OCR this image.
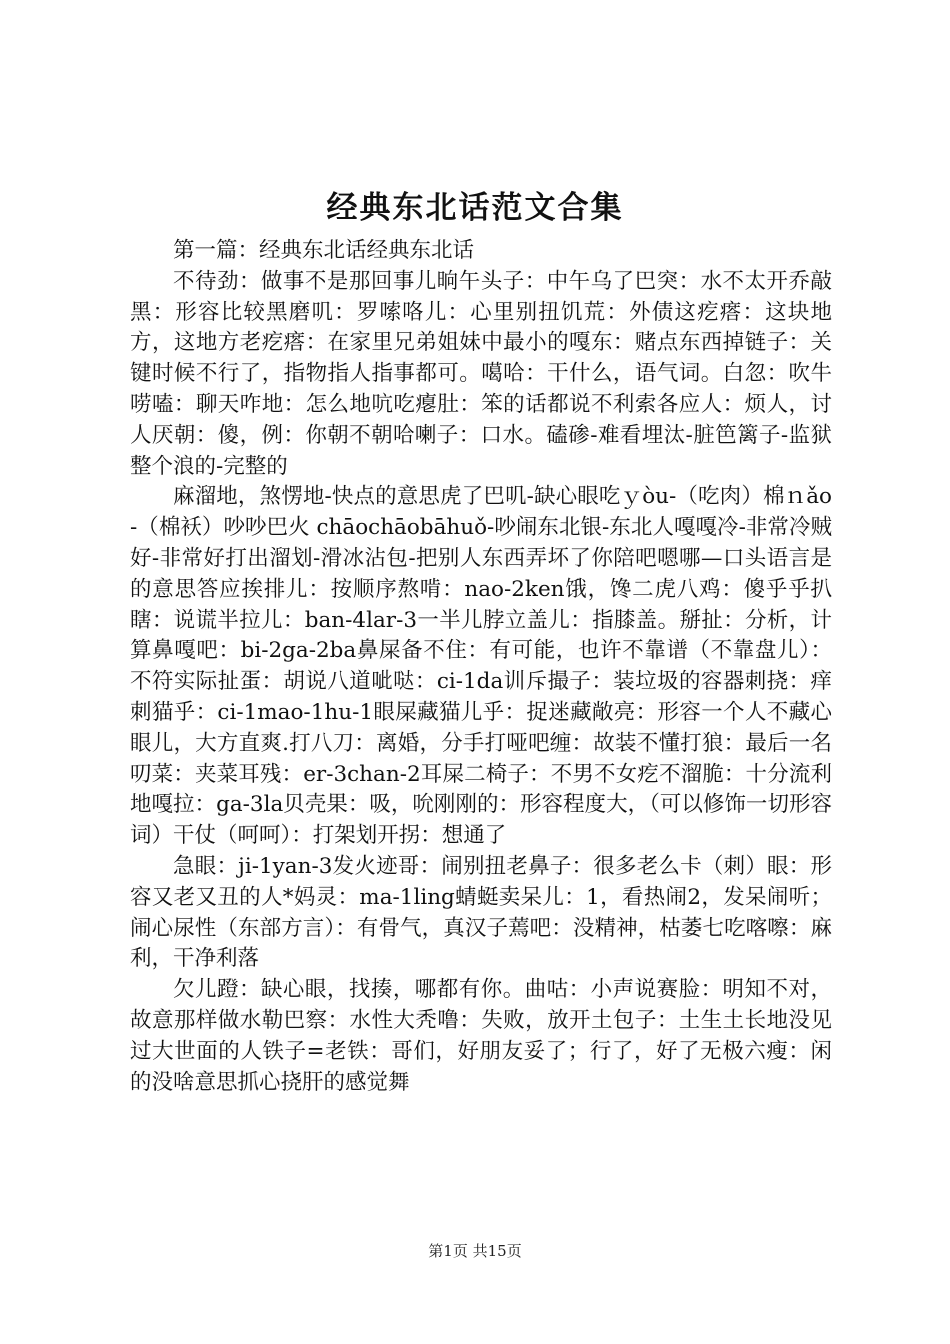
经典东北话范文合集

第一篇：经典东北话经典东北话

不待劲：做事不是那回事儿晌午头子：中午乌了巴突：水不太开乔敲黑：形容比较黑磨叽：罗嗦咯儿：心里别扭饥荒：外债这疙瘩：这块地方，这地方老疙瘩：在家里兄弟姐妹中最小的嘎东：赌点东西掉链子：关键时候不行了，指物指人指事都可。噶哈：干什么，语气词。白忽：吹牛唠嗑：聊天咋地：怎么地吭吃瘪肚：笨的话都说不利索各应人：烦人，讨人厌朝：傻，例：你朝不朝哈喇子：口水。磕碜-难看埋汰-脏笆篱子-监狱整个浪的-完整的

麻溜地，煞愣地-快点的意思虎了巴叽-缺心眼吃ｙòu-（吃肉）棉ｎǎo-（棉袄）吵吵巴火 chāochāobāhuǒ-吵闹东北银-东北人嘎嘎冷-非常冷贼好-非常好打出溜划-滑冰沾包-把别人东西弄坏了你陪吧嗯哪—口头语言是的意思答应挨排儿：按顺序熬啃：nao-2ken饿，馋二虎八鸡：傻乎乎扒瞎：说谎半拉儿：ban-4lar-3一半儿脖立盖儿：指膝盖。掰扯：分析，计算鼻嘎吧：bi-2ga-2ba鼻屎备不住：有可能，也许不靠谱（不靠盘儿）：不符实际扯蛋：胡说八道呲哒：ci-1da训斥撮子：装垃圾的容器刺挠：痒刺猫乎：ci-1mao-1hu-1眼屎藏猫儿乎：捉迷藏敞亮：形容一个人不藏心眼儿，大方直爽.打八刀：离婚，分手打哑吧缠：故装不懂打狼：最后一名叨菜：夹菜耳残：er-3chan-2耳屎二椅子：不男不女疙不溜脆：十分流利地嘎拉：ga-3la贝壳果：吸，吮刚刚的：形容程度大，（可以修饰一切形容词）干仗（呵呵）：打架划开拐：想通了

急眼：ji-1yan-3发火迹哥：闹别扭老鼻子：很多老么卡（刺）眼：形容又老又丑的人*妈灵：ma-1ling蜻蜓卖呆儿：1，看热闹2，发呆闹听；闹心尿性（东部方言）：有骨气，真汉子蔫吧：没精神，枯萎七吃喀嚓：麻利，干净利落

欠儿蹬：缺心眼，找揍，哪都有你。曲咕：小声说赛脸：明知不对，故意那样做水勒巴察：水性大秃噜：失败，放开土包子：土生土长地没见过大世面的人铁子=老铁：哥们，好朋友妥了；行了，好了无极六瘦：闲的没啥意思抓心挠肝的感觉舞

第1页 共15页
